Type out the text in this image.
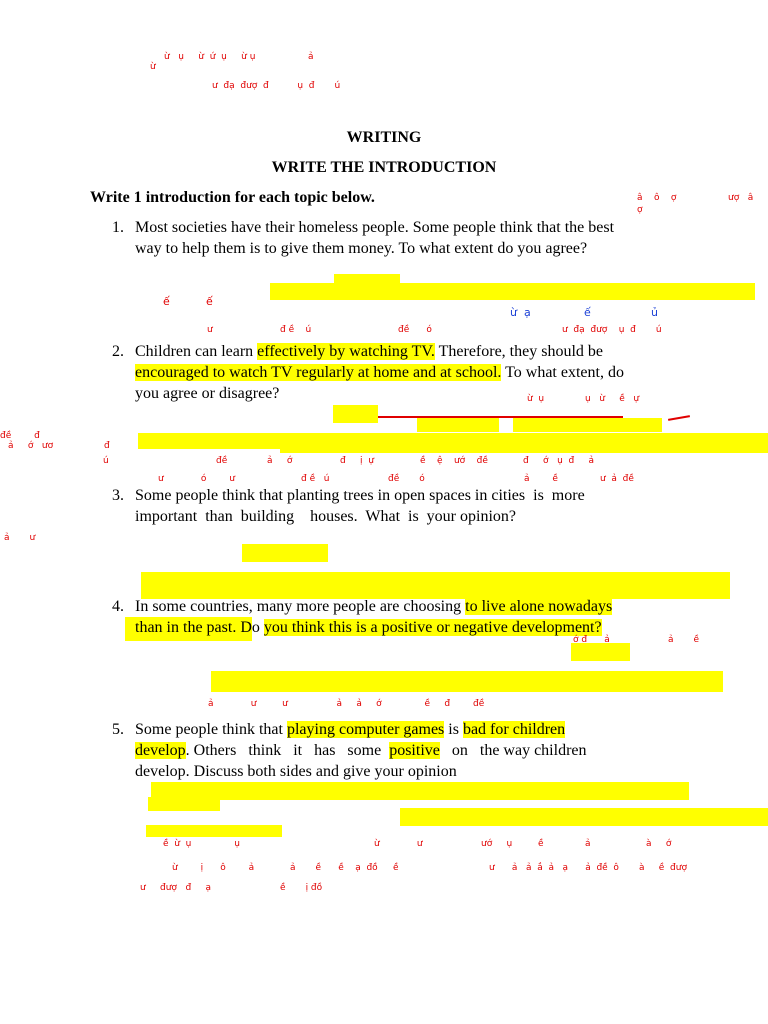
WRITING
WRITE THE INTRODUCTION
Write 1 introduction for each topic below.
1. Most societies have their homeless people. Some people think that the best
way to help them is to give them money. To what extent do you agree?
2. Children can learn effectively by watching TV. Therefore, they should be
encouraged to watch TV regularly at home and at school. To what extent, do
you agree or disagree?
3. Some people think that planting trees in open spaces in cities  is  more
important  than  building    houses.  What  is  your opinion?
4. In some countries, many more people are choosing to live alone nowadays
than in the past. Do you think this is a positive or negative development?
5. Some people think that playing computer games is bad for children
develop. Others   think   it   has   some  positive   on   the way children
develop. Discuss both sides and give your opinion
ừ   ụ     ừ  ứ  ụ     ừ ụ
ừ
ả
ư  đạ  đượ  đ          ụ  đ       ú
â    ô    ợ	ượ   â
ợ
ế	ế
ừ  ạ	ế	ủ
ư	đ ề    ú	đề      ó	ư  đạ  đượ    ụ  đ       ú
ừ  ụ	ụ   ừ     ề   ự
đề        đ
ả     ớ   ươ	đ
ú	đề	ả     ớ	đ     ị  ự	ề    ệ    ướ    đề	đ     ớ   ụ  đ     ả
ư             ó        ư	đ ề   ú	đề       ó	ả        ề	ư  ả  đề
ả       ư
ớ đ      ả	ả       ề
ả             ư         ư                 ả     ả     ớ               ề     đ        đề
ề  ừ  ụ               ụ	ừ             ư	ướ     ụ         ề	ả	à     ớ
ừ        ị      ô        ả	ả       ề      ề    ạ  đồ ề	ư      ả   ả  ắ  ả   ạ      ả  đề  ô       à     ề  đượ
ư     đượ   đ     ạ	ề       ị đồ
